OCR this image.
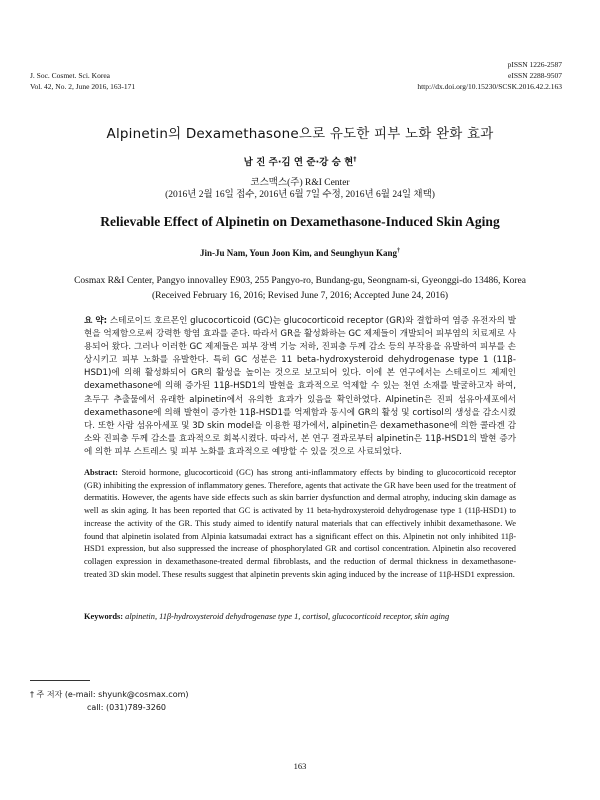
J. Soc. Cosmet. Sci. Korea
Vol. 42, No. 2, June 2016, 163-171
pISSN 1226-2587
eISSN 2288-9507
http://dx.doi.org/10.15230/SCSK.2016.42.2.163
Alpinetin의 Dexamethasone으로 유도한 피부 노화 완화 효과
남 진 주·김 연 준·강 승 현†
코스맥스(주) R&I Center
(2016년 2월 16일 접수, 2016년 6월 7일 수정, 2016년 6월 24일 채택)
Relievable Effect of Alpinetin on Dexamethasone-Induced Skin Aging
Jin-Ju Nam, Youn Joon Kim, and Seunghyun Kang†
Cosmax R&I Center, Pangyo innovalley E903, 255 Pangyo-ro, Bundang-gu, Seongnam-si, Gyeonggi-do 13486, Korea
(Received February 16, 2016; Revised June 7, 2016; Accepted June 24, 2016)
요 약: 스테로이드 호르몬인 glucocorticoid (GC)는 glucocorticoid receptor (GR)와 결합하여 염증 유전자의 발현을 억제함으로써 강력한 항염 효과를 준다. 따라서 GR을 활성화하는 GC 제제들이 개발되어 피부염의 치료제로 사용되어 왔다. 그러나 이러한 GC 제제들은 피부 장벽 기능 저하, 진피층 두께 감소 등의 부작용을 유발하여 피부를 손상시키고 피부 노화를 유발한다. 특히 GC 성분은 11 beta-hydroxysteroid dehydrogenase type 1 (11β-HSD1)에 의해 활성화되어 GR의 활성을 높이는 것으로 보고되어 있다. 이에 본 연구에서는 스테로이드 제제인 dexamethasone에 의해 증가된 11β-HSD1의 발현을 효과적으로 억제할 수 있는 천연 소재를 발굴하고자 하여, 초두구 추출물에서 유래한 alpinetin에서 유의한 효과가 있음을 확인하였다. Alpinetin은 진피 섬유아세포에서 dexamethasone에 의해 발현이 증가한 11β-HSD1를 억제함과 동시에 GR의 활성 및 cortisol의 생성을 감소시켰다. 또한 사람 섬유아세포 및 3D skin model을 이용한 평가에서, alpinetin은 dexamethasone에 의한 콜라겐 감소와 진피층 두께 감소를 효과적으로 회복시켰다. 따라서, 본 연구 결과로부터 alpinetin은 11β-HSD1의 발현 증가에 의한 피부 스트레스 및 피부 노화를 효과적으로 예방할 수 있을 것으로 사료되었다.
Abstract: Steroid hormone, glucocorticoid (GC) has strong anti-inflammatory effects by binding to glucocorticoid receptor (GR) inhibiting the expression of inflammatory genes. Therefore, agents that activate the GR have been used for the treatment of dermatitis. However, the agents have side effects such as skin barrier dysfunction and dermal atrophy, inducing skin damage as well as skin aging. It has been reported that GC is activated by 11 beta-hydroxysteroid dehydrogenase type 1 (11β-HSD1) to increase the activity of the GR. This study aimed to identify natural materials that can effectively inhibit dexamethasone. We found that alpinetin isolated from Alpinia katsumadai extract has a significant effect on this. Alpinetin not only inhibited 11β-HSD1 expression, but also suppressed the increase of phosphorylated GR and cortisol concentration. Alpinetin also recovered collagen expression in dexamethasone-treated dermal fibroblasts, and the reduction of dermal thickness in dexamethasone-treated 3D skin model. These results suggest that alpinetin prevents skin aging induced by the increase of 11β-HSD1 expression.
Keywords: alpinetin, 11β-hydroxysteroid dehydrogenase type 1, cortisol, glucocorticoid receptor, skin aging
† 주 저자 (e-mail: shyunk@cosmax.com)
call: (031)789-3260
163
